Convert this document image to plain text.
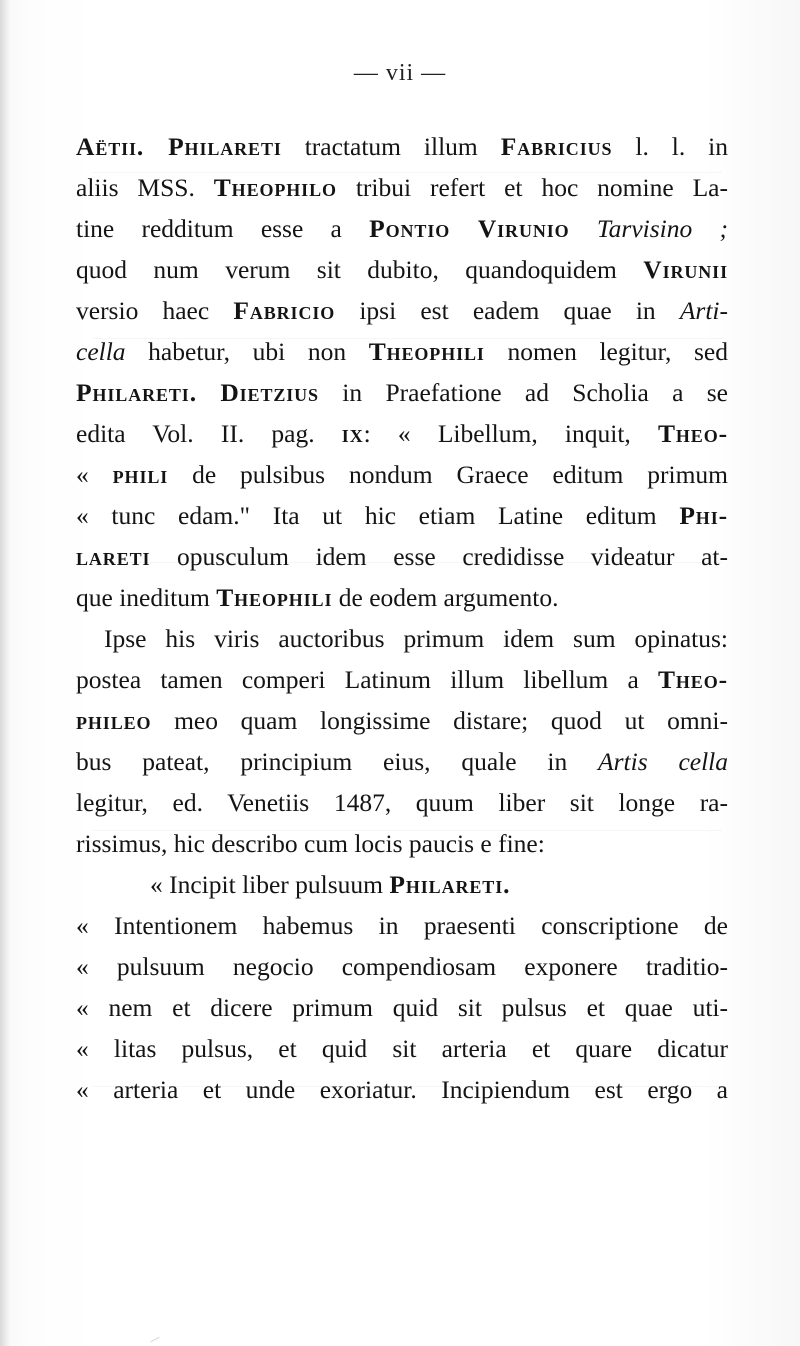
— vii —
Aëtii. Philareti tractatum illum Fabricius l. l. in
aliis MSS. Theophilo tribui refert et hoc nomine La-
tine redditum esse a Pontio Virunio Tarvisino ;
quod num verum sit dubito, quandoquidem Virunii
versio haec Fabricio ipsi est eadem quae in Arti-
cella habetur, ubi non Theophili nomen legitur, sed
Philareti. Dietzius in Praefatione ad Scholia a se
edita Vol. II. pag. ix: « Libellum, inquit, Theo-
« phili de pulsibus nondum Graece editum primum
« tunc edam." Ita ut hic etiam Latine editum Phi-
lareti opusculum idem esse credidisse videatur at-
que ineditum Theophili de eodem argumento.
Ipse his viris auctoribus primum idem sum opinatus:
postea tamen comperi Latinum illum libellum a Theo-
phileo meo quam longissime distare; quod ut omni-
bus pateat, principium eius, quale in Artis cella
legitur, ed. Venetiis 1487, quum liber sit longe ra-
rissimus, hic describo cum locis paucis e fine:
« Incipit liber pulsuum Philareti.
« Intentionem habemus in praesenti conscriptione de
« pulsuum negocio compendiosam exponere traditio-
« nem et dicere primum quid sit pulsus et quae uti-
« litas pulsus, et quid sit arteria et quare dicatur
« arteria et unde exoriatur. Incipiendum est ergo a
